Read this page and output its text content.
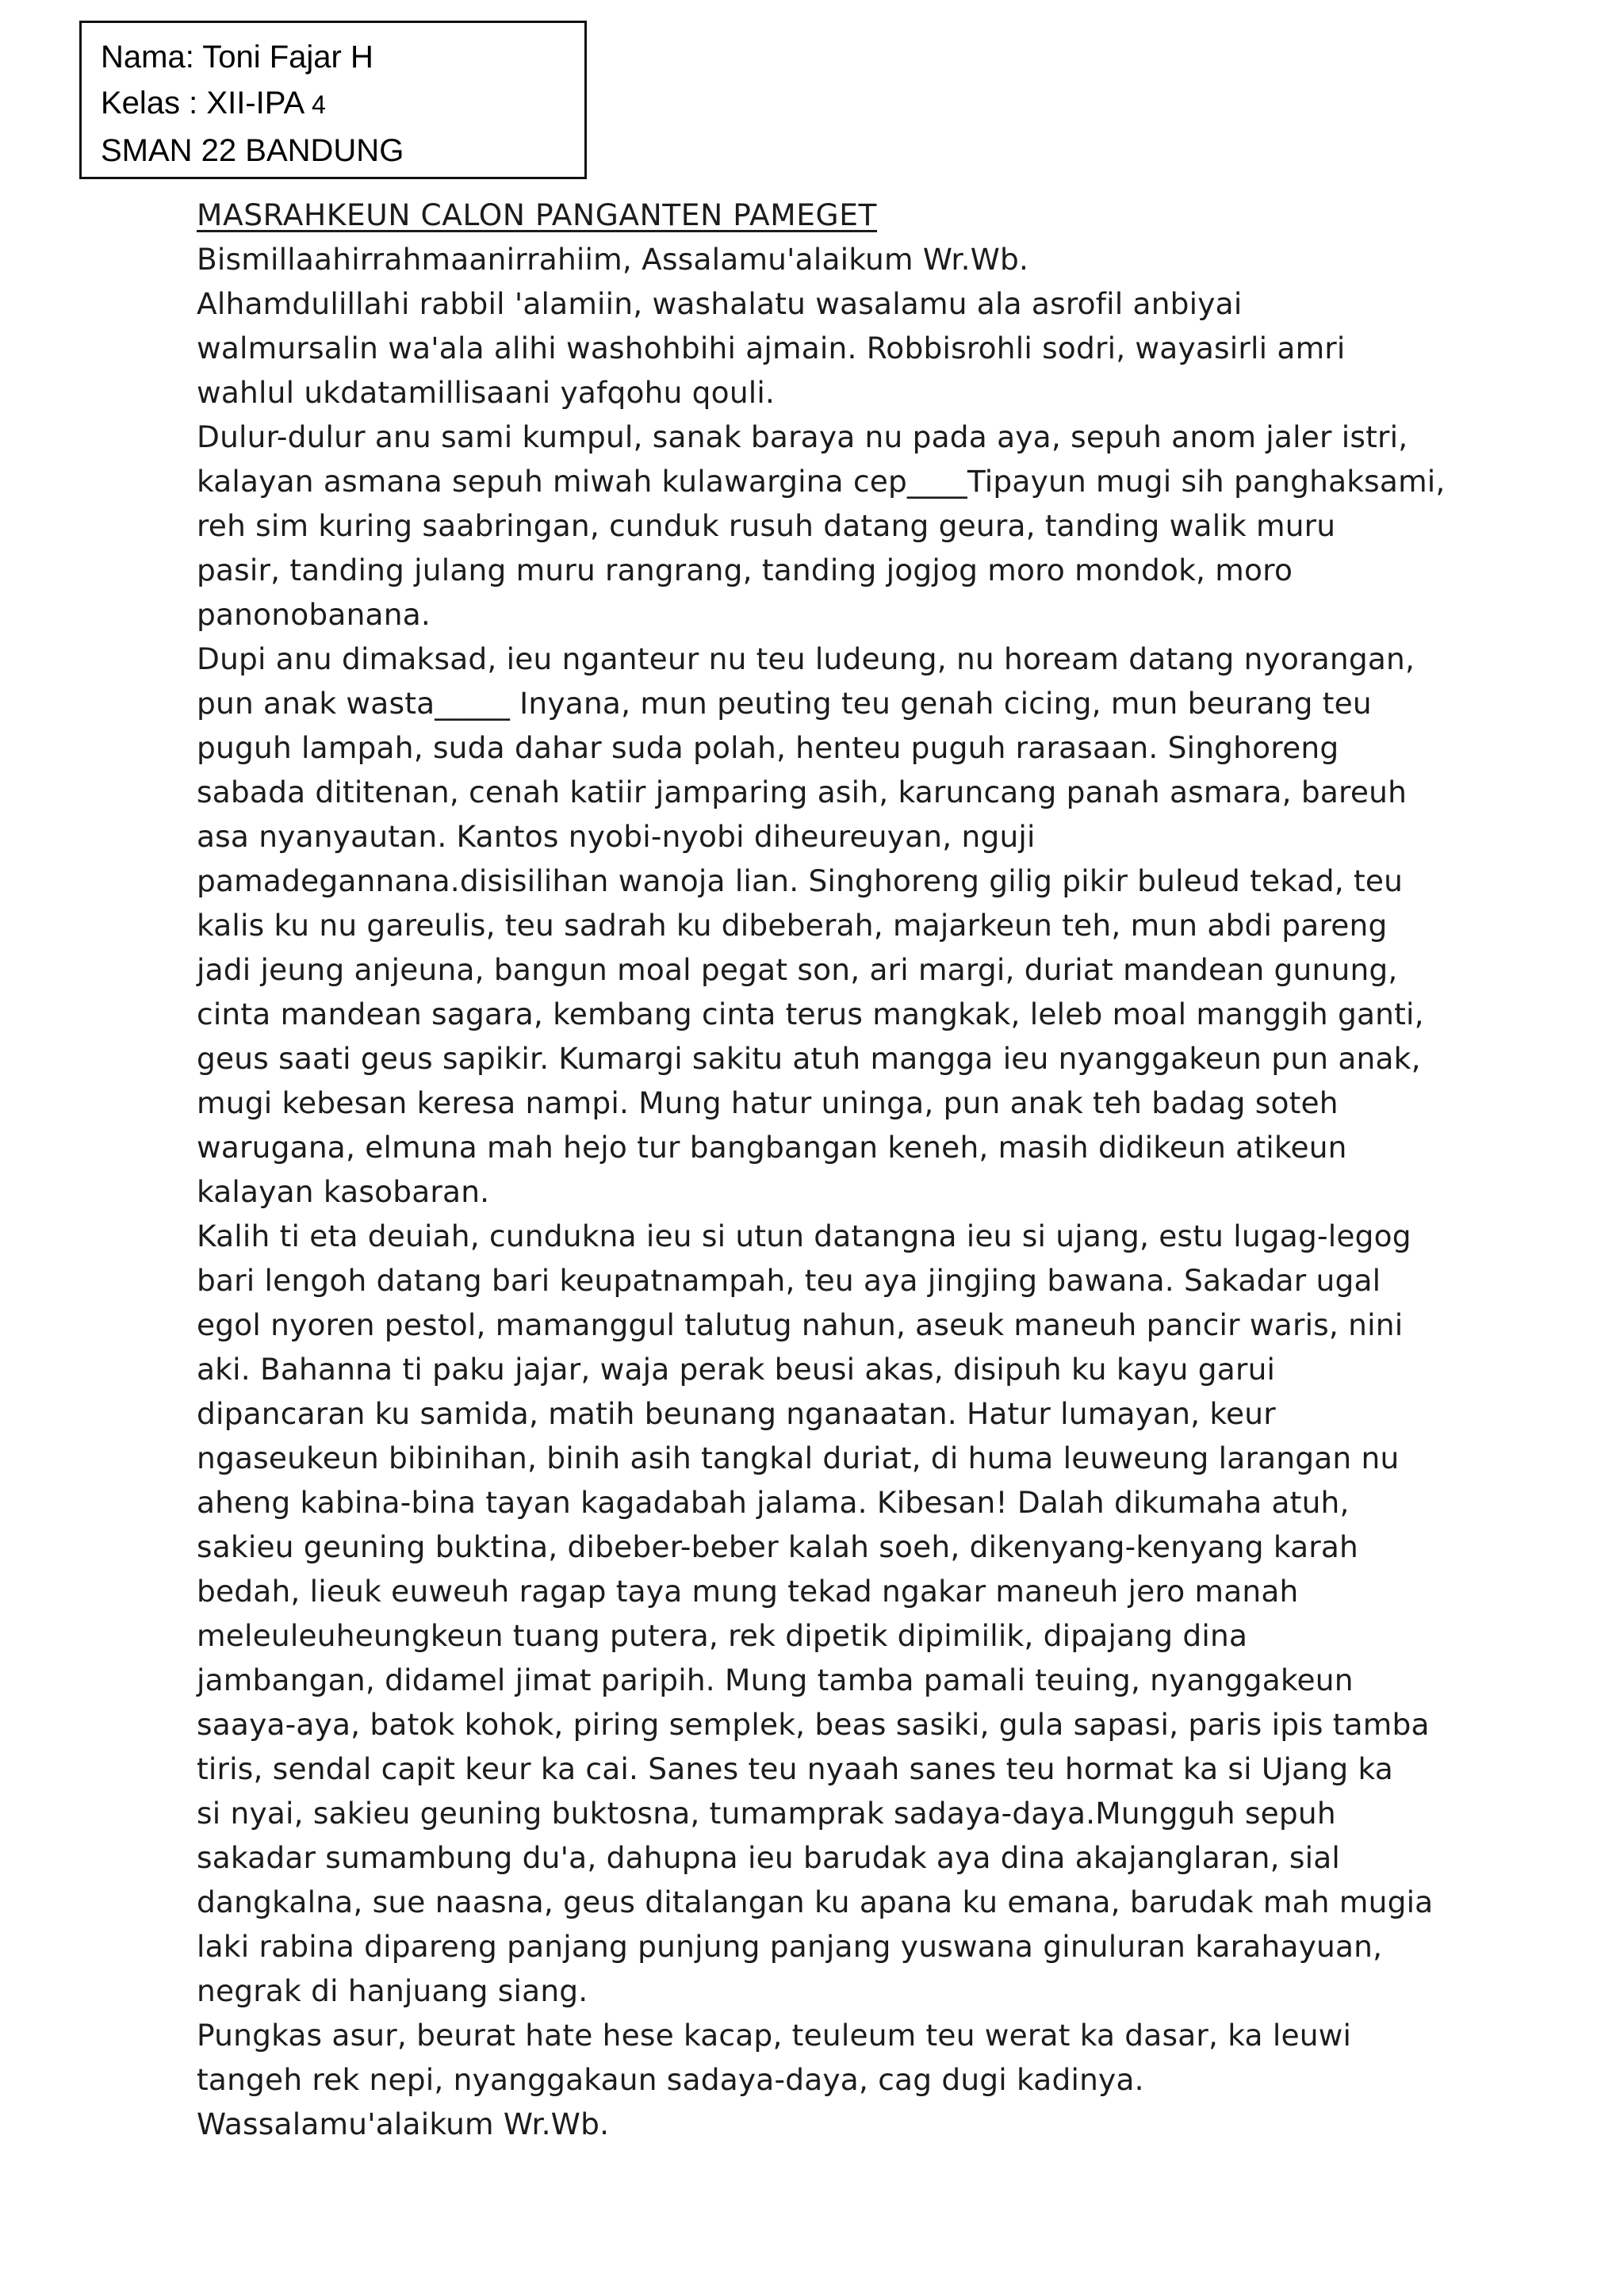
Nama: Toni Fajar H
Kelas : XII-IPA 4
SMAN 22 BANDUNG
MASRAHKEUN CALON PANGANTEN PAMEGET
Bismillaahirrahmaanirrahiim, Assalamu'alaikum Wr.Wb.
Alhamdulillahi rabbil 'alamiin, washalatu wasalamu ala asrofil anbiyai
walmursalin wa'ala alihi washohbihi ajmain. Robbisrohli sodri, wayasirli amri
wahlul ukdatamillisaani yafqohu qouli.
Dulur-dulur anu sami kumpul, sanak baraya nu pada aya, sepuh anom jaler istri,
kalayan asmana sepuh miwah kulawargina cep____Tipayun mugi sih panghaksami,
reh sim kuring saabringan, cunduk rusuh datang geura, tanding walik muru
pasir, tanding julang muru rangrang, tanding jogjog moro mondok, moro
panonobanana.
Dupi anu dimaksad, ieu nganteur nu teu ludeung, nu hoream datang nyorangan,
pun anak wasta_____ Inyana, mun peuting teu genah cicing, mun beurang teu
puguh lampah, suda dahar suda polah, henteu puguh rarasaan. Singhoreng
sabada dititenan, cenah katiir jamparing asih, karuncang panah asmara, bareuh
asa nyanyautan. Kantos nyobi-nyobi diheureuyan, nguji
pamadegannana.disisilihan wanoja lian. Singhoreng gilig pikir buleud tekad, teu
kalis ku nu gareulis, teu sadrah ku dibeberah, majarkeun teh, mun abdi pareng
jadi jeung anjeuna, bangun moal pegat son, ari margi, duriat mandean gunung,
cinta mandean sagara, kembang cinta terus mangkak, leleb moal manggih ganti,
geus saati geus sapikir. Kumargi sakitu atuh mangga ieu nyanggakeun pun anak,
mugi kebesan keresa nampi. Mung hatur uninga, pun anak teh badag soteh
warugana, elmuna mah hejo tur bangbangan keneh, masih didikeun atikeun
kalayan kasobaran.
Kalih ti eta deuiah, cunduknа ieu si utun datangna ieu si ujang, estu lugag-legog
bari lengoh datang bari keupatnampah, teu aya jingjing bawana. Sakadar ugal
egol nyoren pestol, mamanggul talutug nahun, aseuk maneuh pancir waris, nini
aki. Bahanna ti paku jajar, waja perak beusi akas, disipuh ku kayu garui
dipancaran ku samida, matih beunang nganaatan. Hatur lumayan, keur
ngaseukeun bibinihan, binih asih tangkal duriat, di huma leuweung larangan nu
aheng kabina-bina tayan kagadabah jalama. Kibesan! Dalah dikumaha atuh,
sakieu geuning buktina, dibeber-beber kalah soeh, dikenyang-kenyang karah
bedah, lieuk euweuh ragap taya mung tekad ngakar maneuh jero manah
meleuleuheungkeun tuang putera, rek dipetik dipimilik, dipajang dina
jambangan, didamel jimat paripih. Mung tamba pamali teuing, nyanggakeun
saaya-aya, batok kohok, piring semplek, beas sasiki, gula sapasi, paris ipis tamba
tiris, sendal capit keur ka cai. Sanes teu nyaah sanes teu hormat ka si Ujang ka
si nyai, sakieu geuning buktosna, tumamprak sadaya-daya.Mungguh sepuh
sakadar sumambung du'a, dahupna ieu barudak aya dina akajanglaran, sial
dangkalna, sue naasna, geus ditalangan ku apana ku emana, barudak mah mugia
laki rabina dipareng panjang punjung panjang yuswana ginuluran karahayuan,
negrak di hanjuang siang.
Pungkas asur, beurat hate hese kacap, teuleum teu werat ka dasar, ka leuwi
tangeh rek nepi, nyanggakaun sadaya-daya, cag dugi kadinya.
Wassalamu'alaikum Wr.Wb.
